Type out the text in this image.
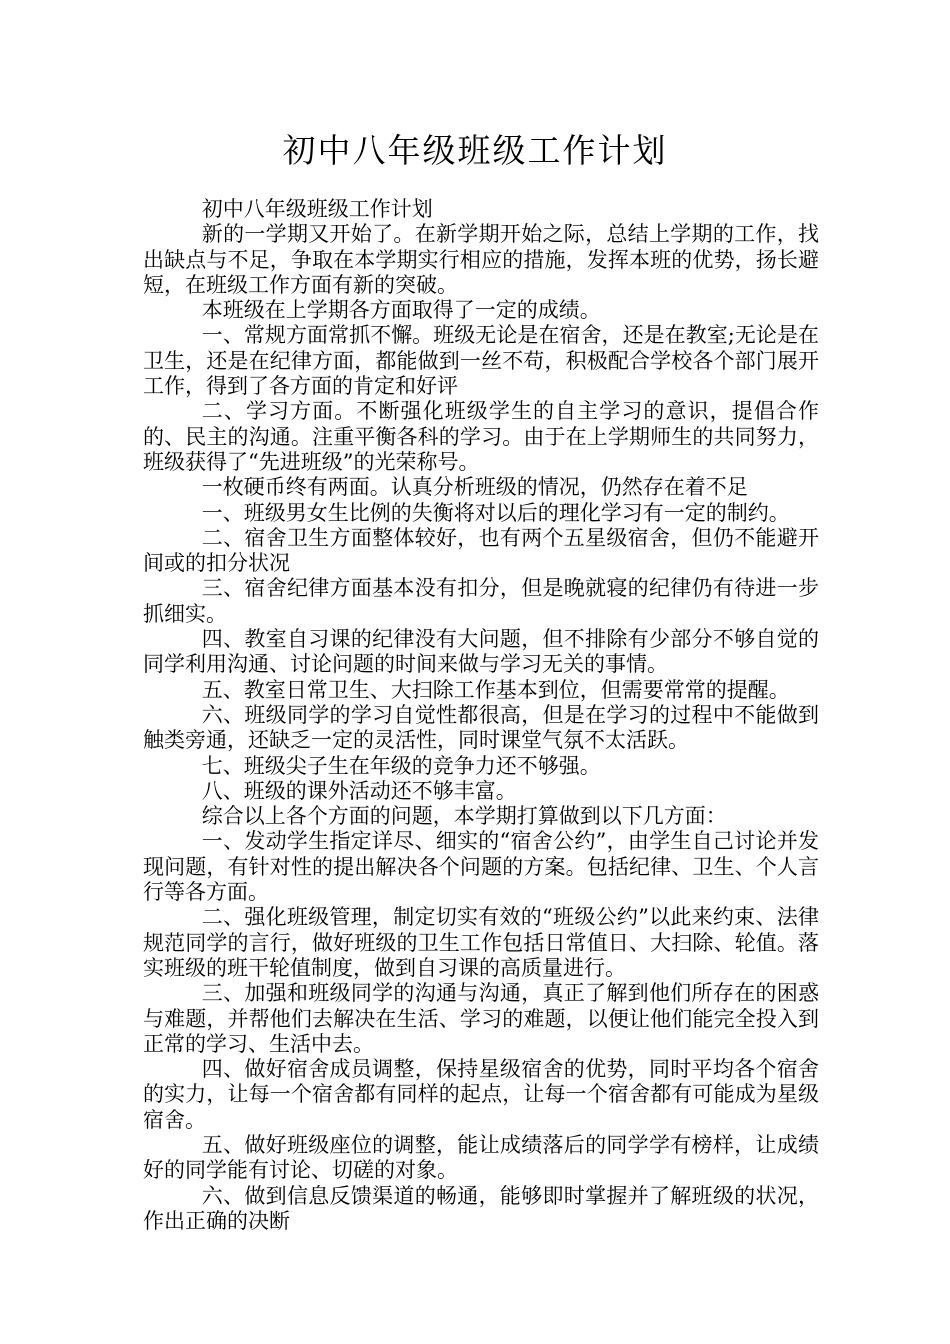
初中八年级班级工作计划

初中八年级班级工作计划

新的一学期又开始了。在新学期开始之际，总结上学期的工作，找出缺点与不足，争取在本学期实行相应的措施，发挥本班的优势，扬长避短，在班级工作方面有新的突破。

本班级在上学期各方面取得了一定的成绩。

一、常规方面常抓不懈。班级无论是在宿舍，还是在教室;无论是在卫生，还是在纪律方面，都能做到一丝不苟，积极配合学校各个部门展开工作，得到了各方面的肯定和好评

二、学习方面。不断强化班级学生的自主学习的意识，提倡合作的、民主的沟通。注重平衡各科的学习。由于在上学期师生的共同努力，班级获得了“先进班级”的光荣称号。

一枚硬币终有两面。认真分析班级的情况，仍然存在着不足

一、班级男女生比例的失衡将对以后的理化学习有一定的制约。

二、宿舍卫生方面整体较好，也有两个五星级宿舍，但仍不能避开间或的扣分状况

三、宿舍纪律方面基本没有扣分，但是晚就寝的纪律仍有待进一步抓细实。

四、教室自习课的纪律没有大问题，但不排除有少部分不够自觉的同学利用沟通、讨论问题的时间来做与学习无关的事情。

五、教室日常卫生、大扫除工作基本到位，但需要常常的提醒。

六、班级同学的学习自觉性都很高，但是在学习的过程中不能做到触类旁通，还缺乏一定的灵活性，同时课堂气氛不太活跃。

七、班级尖子生在年级的竞争力还不够强。

八、班级的课外活动还不够丰富。

综合以上各个方面的问题，本学期打算做到以下几方面：

一、发动学生指定详尽、细实的“宿舍公约”，由学生自己讨论并发现问题，有针对性的提出解决各个问题的方案。包括纪律、卫生、个人言行等各方面。

二、强化班级管理，制定切实有效的“班级公约”以此来约束、法律规范同学的言行，做好班级的卫生工作包括日常值日、大扫除、轮值。落实班级的班干轮值制度，做到自习课的高质量进行。

三、加强和班级同学的沟通与沟通，真正了解到他们所存在的困惑与难题，并帮他们去解决在生活、学习的难题，以便让他们能完全投入到正常的学习、生活中去。

四、做好宿舍成员调整，保持星级宿舍的优势，同时平均各个宿舍的实力，让每一个宿舍都有同样的起点，让每一个宿舍都有可能成为星级宿舍。

五、做好班级座位的调整，能让成绩落后的同学学有榜样，让成绩好的同学能有讨论、切磋的对象。

六、做到信息反馈渠道的畅通，能够即时掌握并了解班级的状况，作出正确的决断
